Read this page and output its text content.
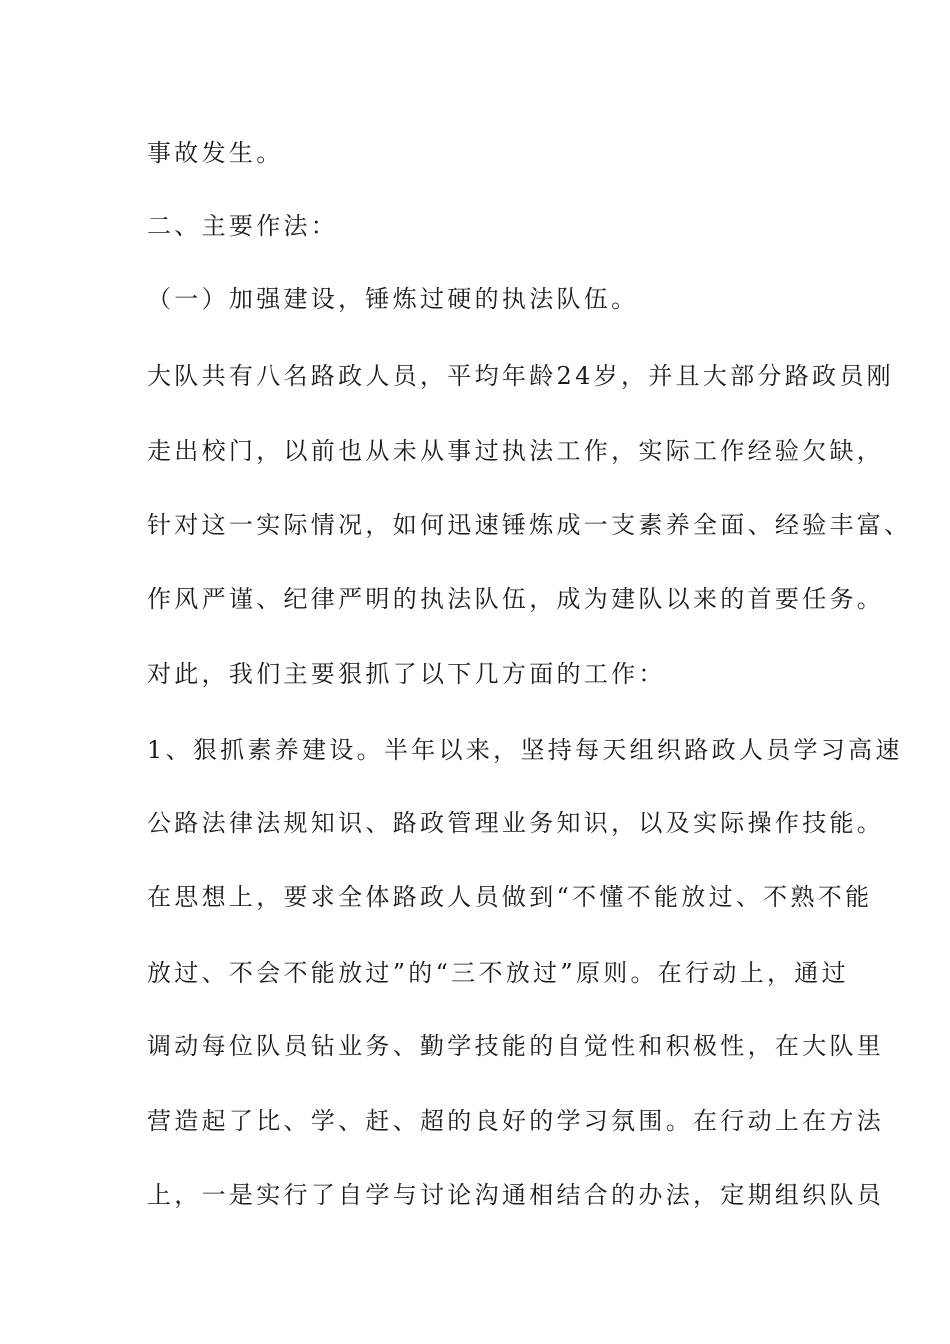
事故发生。
二、主要作法：
（一）加强建设，锤炼过硬的执法队伍。
大队共有八名路政人员，平均年龄24岁，并且大部分路政员刚
走出校门，以前也从未从事过执法工作，实际工作经验欠缺，
针对这一实际情况，如何迅速锤炼成一支素养全面、经验丰富、
作风严谨、纪律严明的执法队伍，成为建队以来的首要任务。
对此，我们主要狠抓了以下几方面的工作：
1、狠抓素养建设。半年以来，坚持每天组织路政人员学习高速
公路法律法规知识、路政管理业务知识，以及实际操作技能。
在思想上，要求全体路政人员做到“不懂不能放过、不熟不能
放过、不会不能放过”的“三不放过”原则。在行动上，通过
调动每位队员钻业务、勤学技能的自觉性和积极性，在大队里
营造起了比、学、赶、超的良好的学习氛围。在行动上在方法
上，一是实行了自学与讨论沟通相结合的办法，定期组织队员
